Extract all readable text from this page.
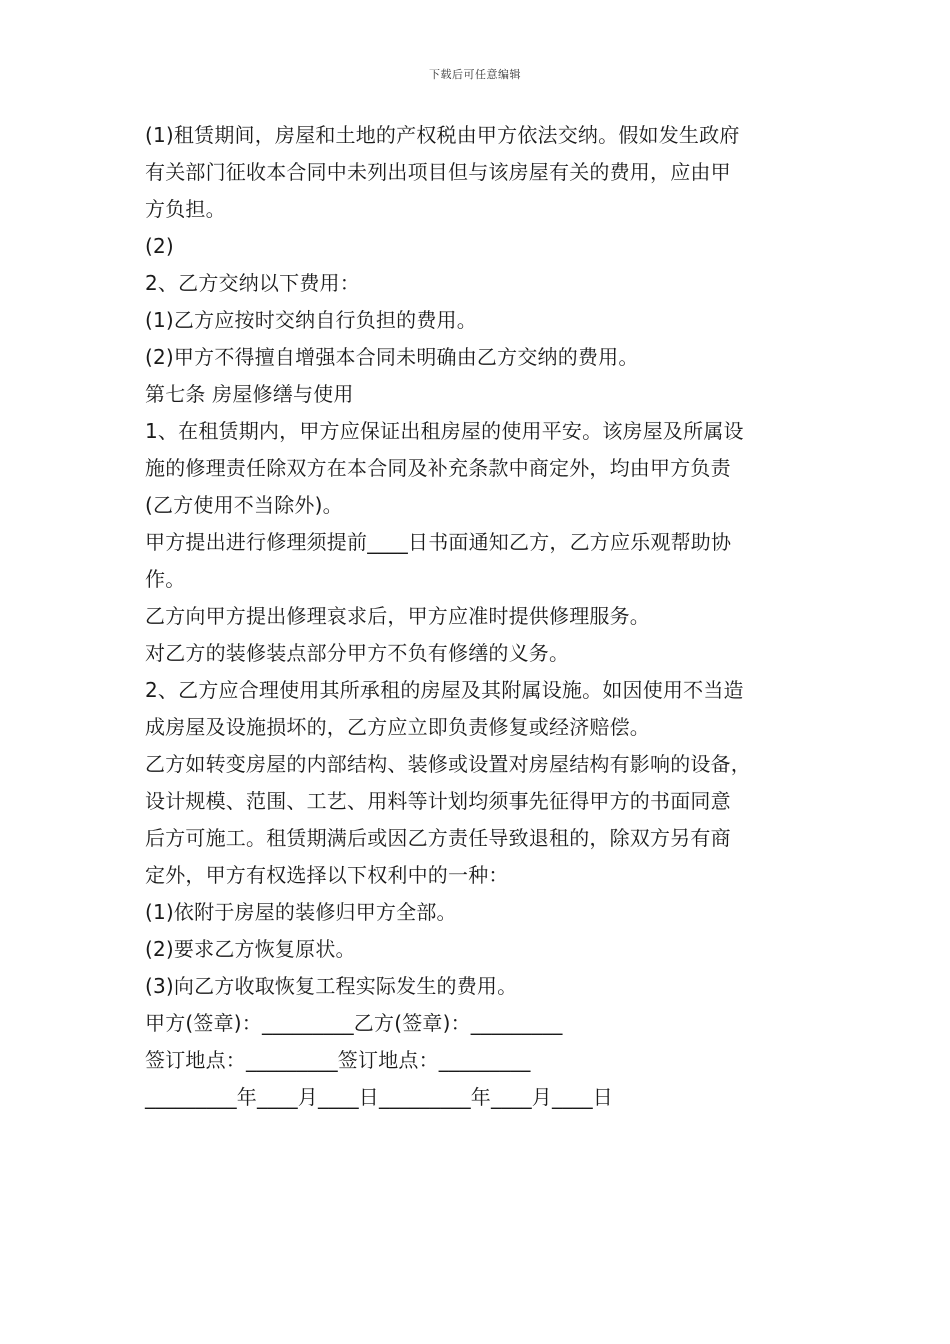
下载后可任意编辑
(1)租赁期间，房屋和土地的产权税由甲方依法交纳。假如发生政府
有关部门征收本合同中未列出项目但与该房屋有关的费用，应由甲
方负担。
(2)
2、乙方交纳以下费用：
(1)乙方应按时交纳自行负担的费用。
(2)甲方不得擅自增强本合同未明确由乙方交纳的费用。
第七条 房屋修缮与使用
1、在租赁期内，甲方应保证出租房屋的使用平安。该房屋及所属设
施的修理责任除双方在本合同及补充条款中商定外，均由甲方负责
(乙方使用不当除外)。
甲方提出进行修理须提前____日书面通知乙方，乙方应乐观帮助协
作。
乙方向甲方提出修理哀求后，甲方应准时提供修理服务。
对乙方的装修装点部分甲方不负有修缮的义务。
2、乙方应合理使用其所承租的房屋及其附属设施。如因使用不当造
成房屋及设施损坏的，乙方应立即负责修复或经济赔偿。
乙方如转变房屋的内部结构、装修或设置对房屋结构有影响的设备，
设计规模、范围、工艺、用料等计划均须事先征得甲方的书面同意
后方可施工。租赁期满后或因乙方责任导致退租的，除双方另有商
定外，甲方有权选择以下权利中的一种：
(1)依附于房屋的装修归甲方全部。
(2)要求乙方恢复原状。
(3)向乙方收取恢复工程实际发生的费用。
甲方(签章)：_________乙方(签章)：_________
签订地点：_________签订地点：_________
_________年____月____日_________年____月____日
